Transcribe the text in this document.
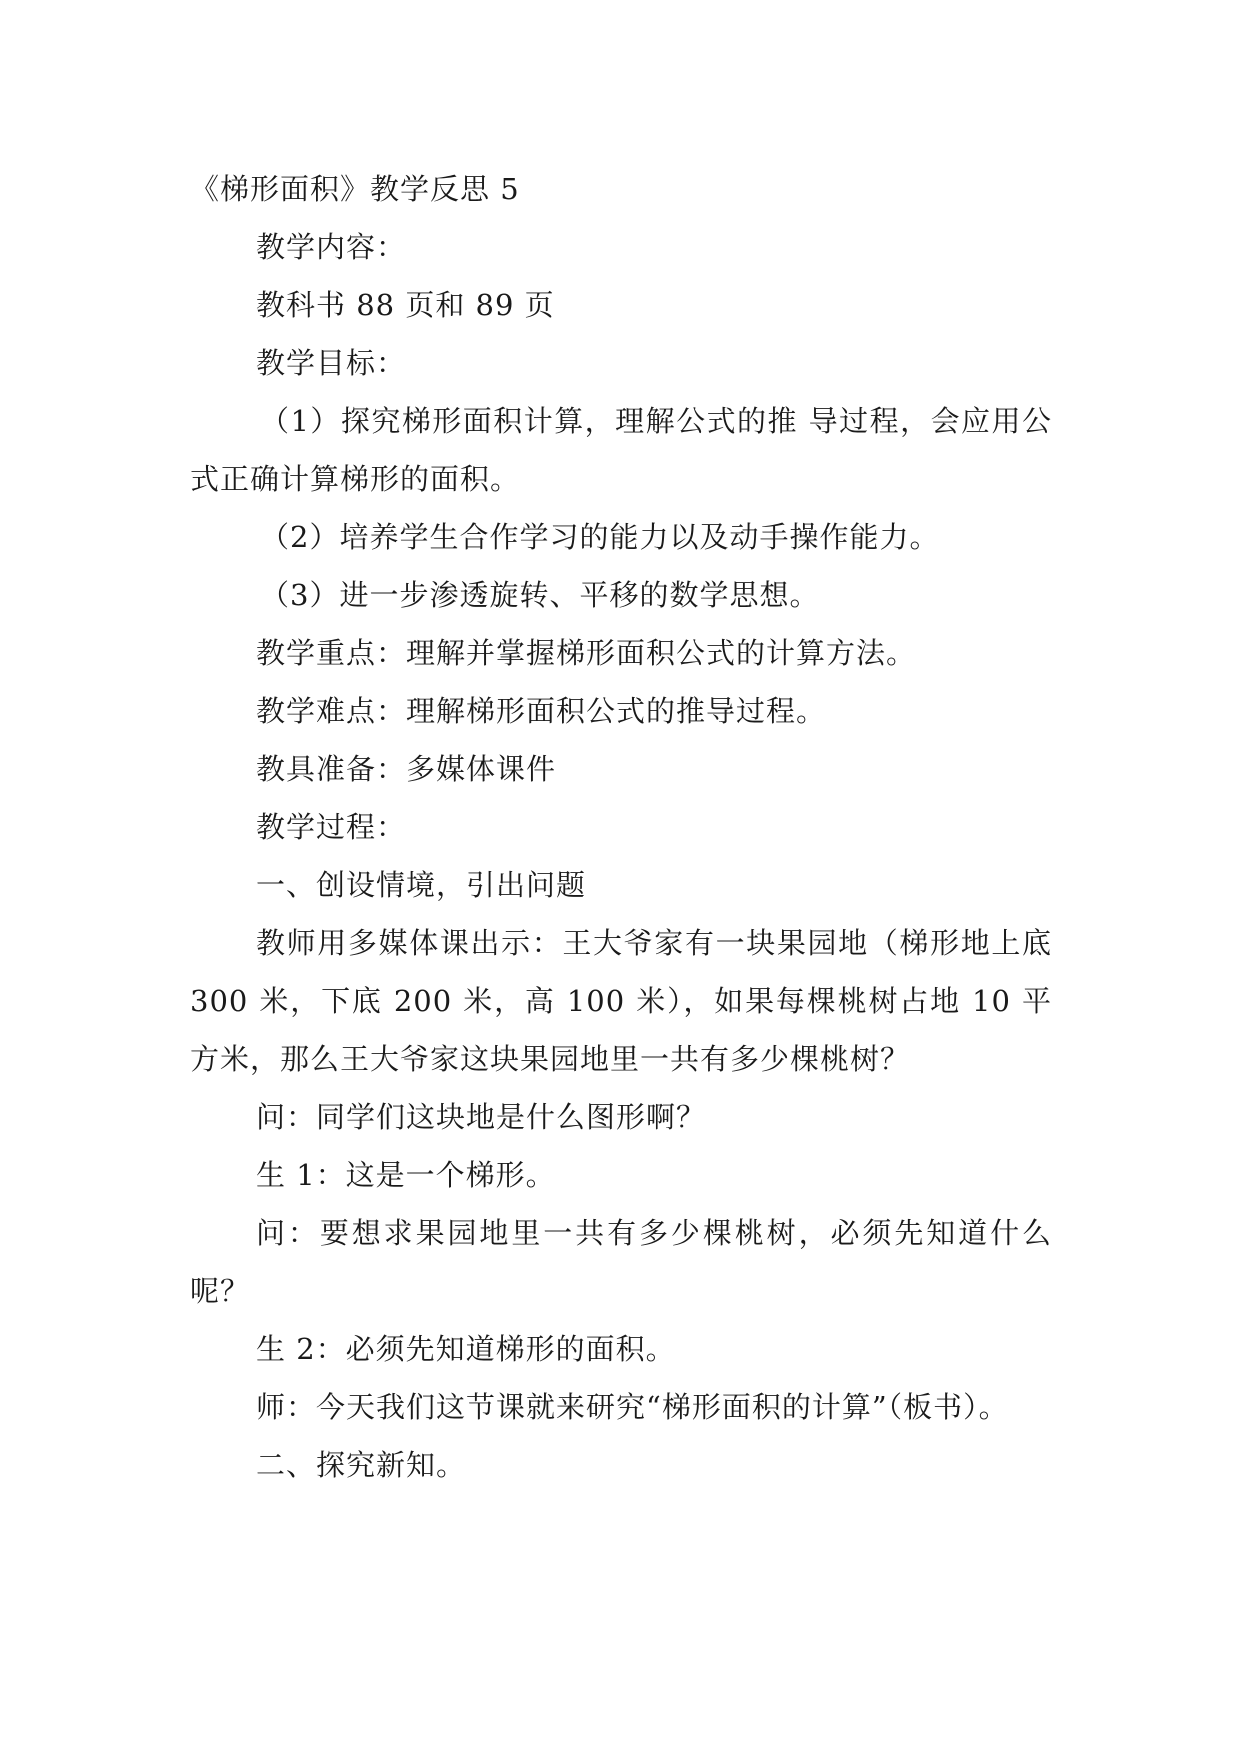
《梯形面积》教学反思 5

教学内容：

教科书 88 页和 89 页

教学目标：

（1）探究梯形面积计算，理解公式的推 导过程，会应用公式正确计算梯形的面积。

（2）培养学生合作学习的能力以及动手操作能力。

（3）进一步渗透旋转、平移的数学思想。

教学重点：理解并掌握梯形面积公式的计算方法。

教学难点：理解梯形面积公式的推导过程。

教具准备：多媒体课件

教学过程：

一、创设情境，引出问题

教师用多媒体课出示：王大爷家有一块果园地（梯形地上底 300 米，下底 200 米，高 100 米），如果每棵桃树占地 10 平方米，那么王大爷家这块果园地里一共有多少棵桃树？

问：同学们这块地是什么图形啊？

生 1：这是一个梯形。

问：要想求果园地里一共有多少棵桃树，必须先知道什么呢？

生 2：必须先知道梯形的面积。

师：今天我们这节课就来研究“梯形面积的计算”（板书）。

二、探究新知。
